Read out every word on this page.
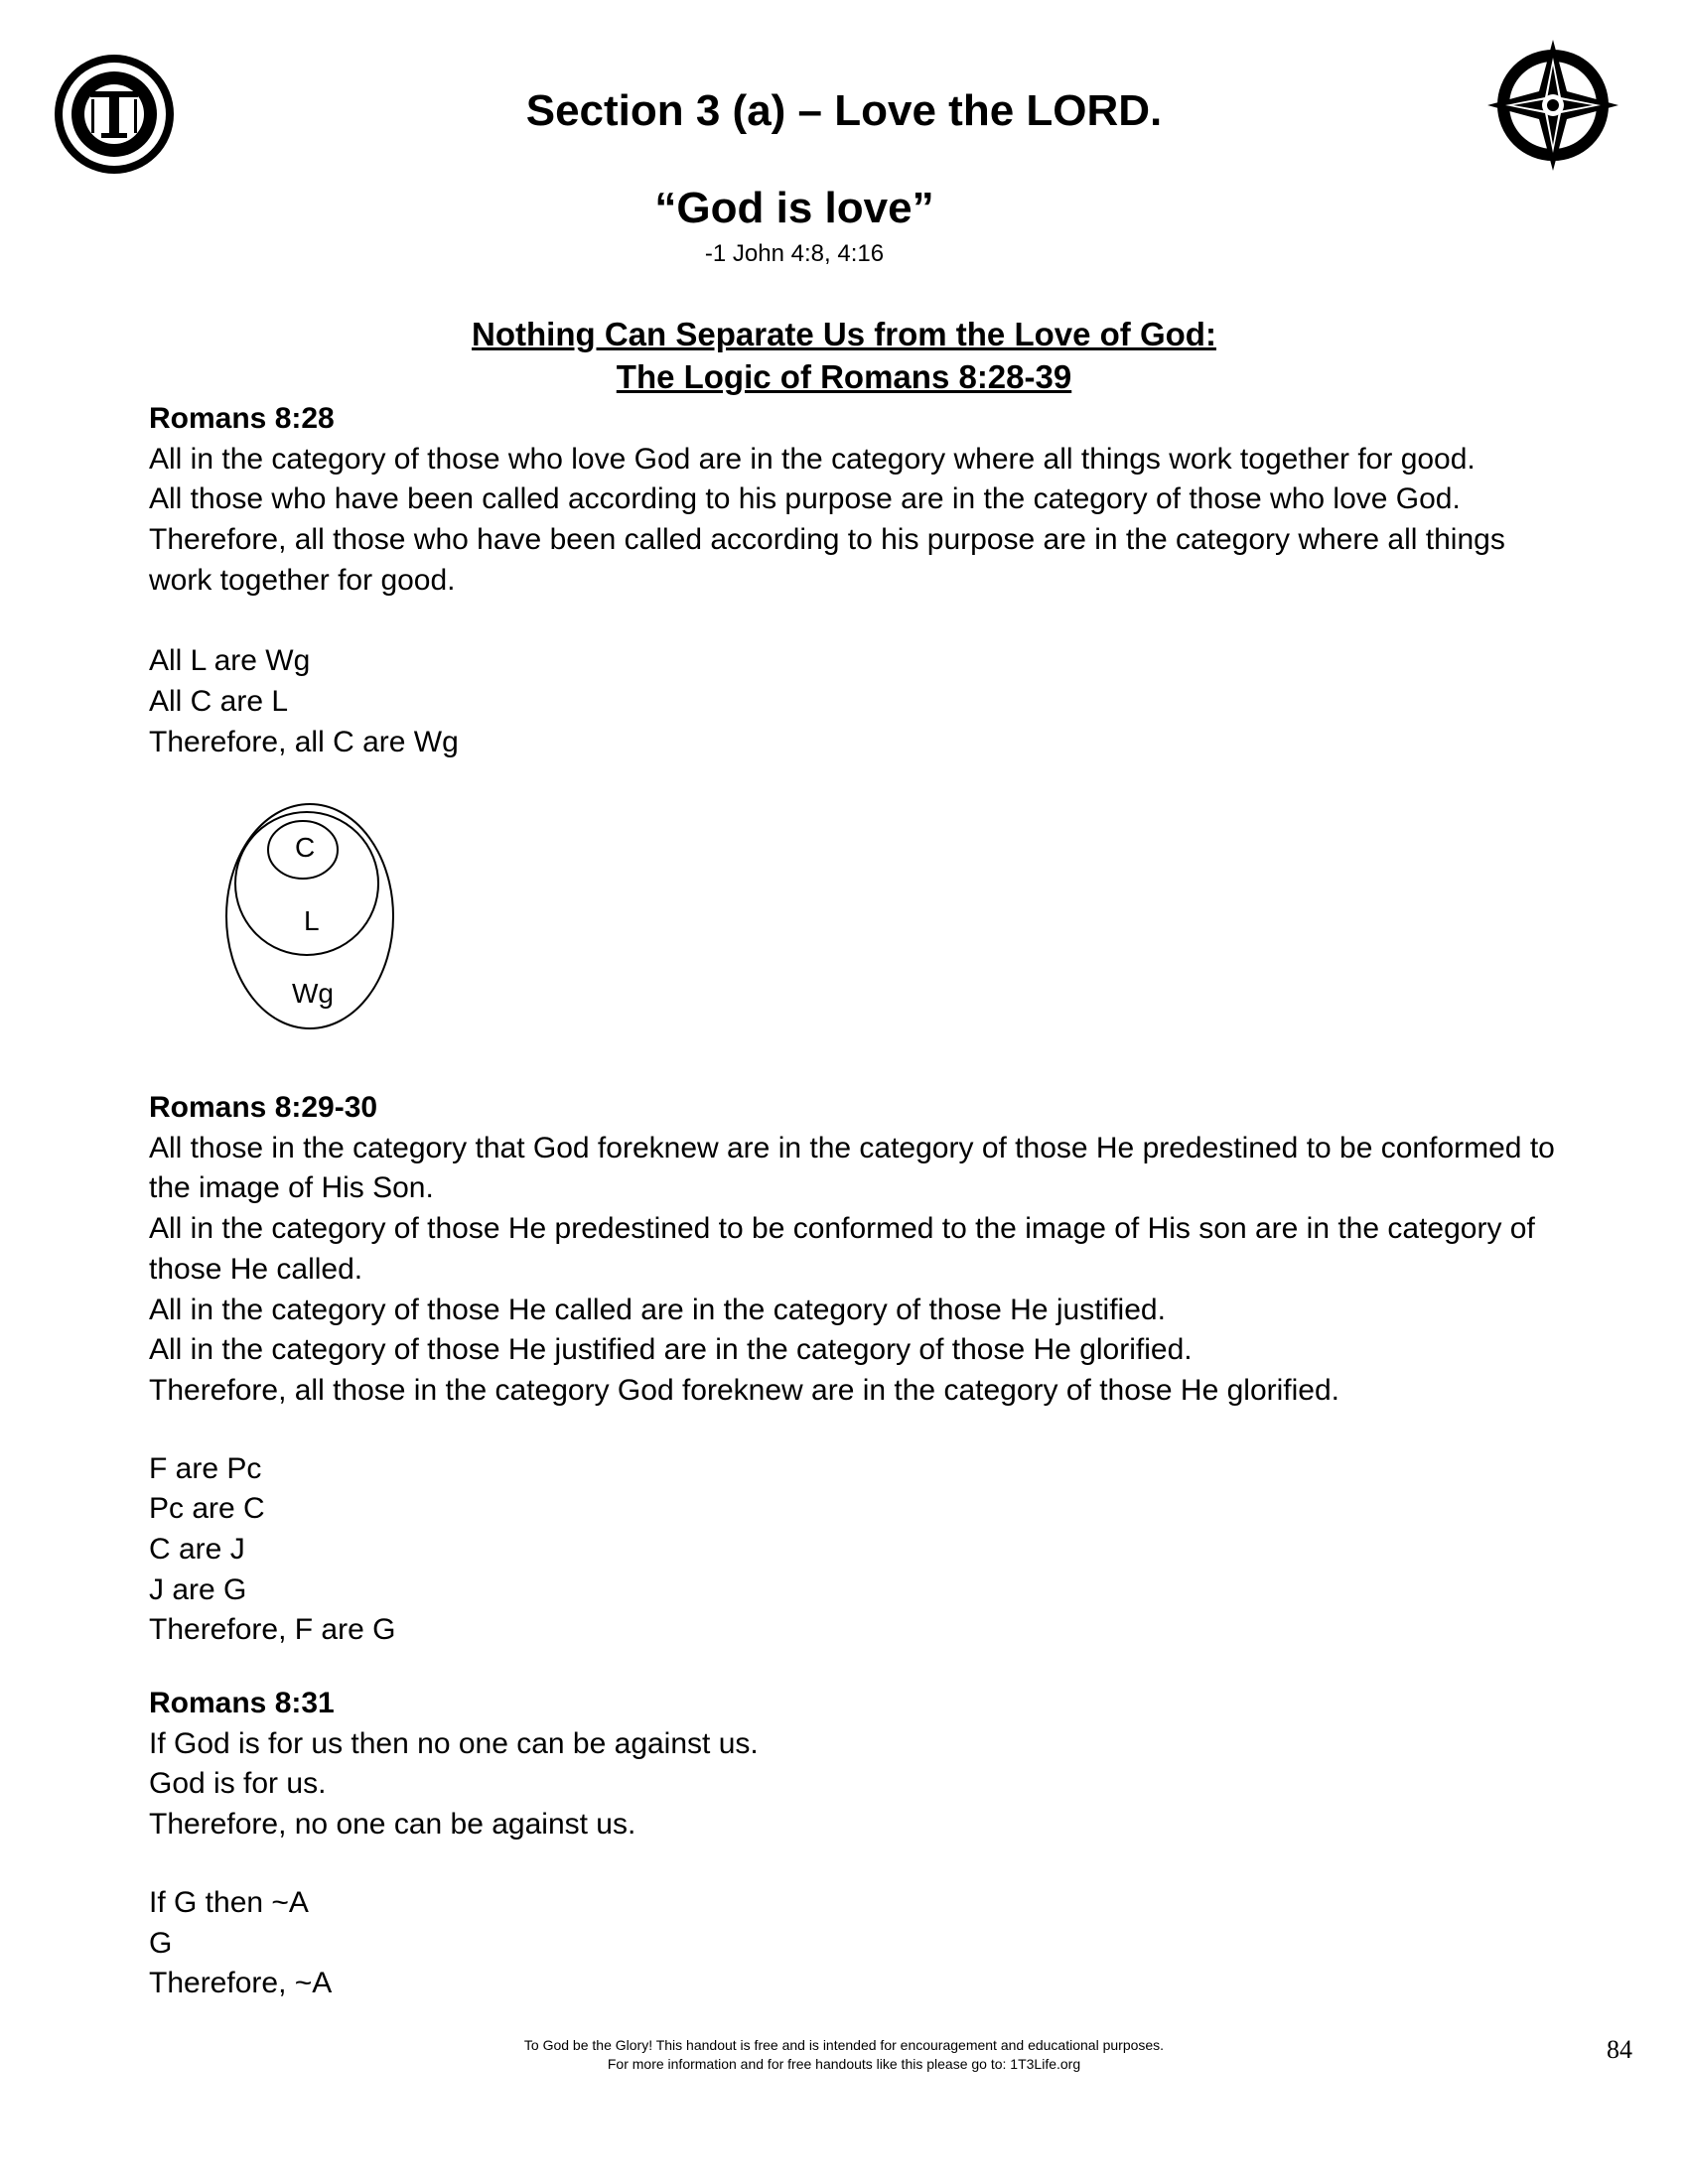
Section 3 (a) – Love the LORD.
“God is love”
-1 John 4:8, 4:16
Nothing Can Separate Us from the Love of God:
The Logic of Romans 8:28-39
Romans 8:28

All in the category of those who love God are in the category where all things work together for good.

All those who have been called according to his purpose are in the category of those who love God.

Therefore, all those who have been called according to his purpose are in the category where all things work together for good.

All L are Wg

All C are L

Therefore, all C are Wg

C
L
Wg
Romans 8:29-30

All those in the category that God foreknew are in the category of those He predestined to be conformed to the image of His Son.

All in the category of those He predestined to be conformed to the image of His son are in the category of those He called.

All in the category of those He called are in the category of those He justified.

All in the category of those He justified are in the category of those He glorified.

Therefore, all those in the category God foreknew are in the category of those He glorified.

F are Pc

Pc are C

C are J

J are G

Therefore, F are G

Romans 8:31

If God is for us then no one can be against us.

God is for us.

Therefore, no one can be against us.

If G then ~A

G

Therefore, ~A

To God be the Glory! This handout is free and is intended for encouragement and educational purposes.
For more information and for free handouts like this please go to: 1T3Life.org	84
